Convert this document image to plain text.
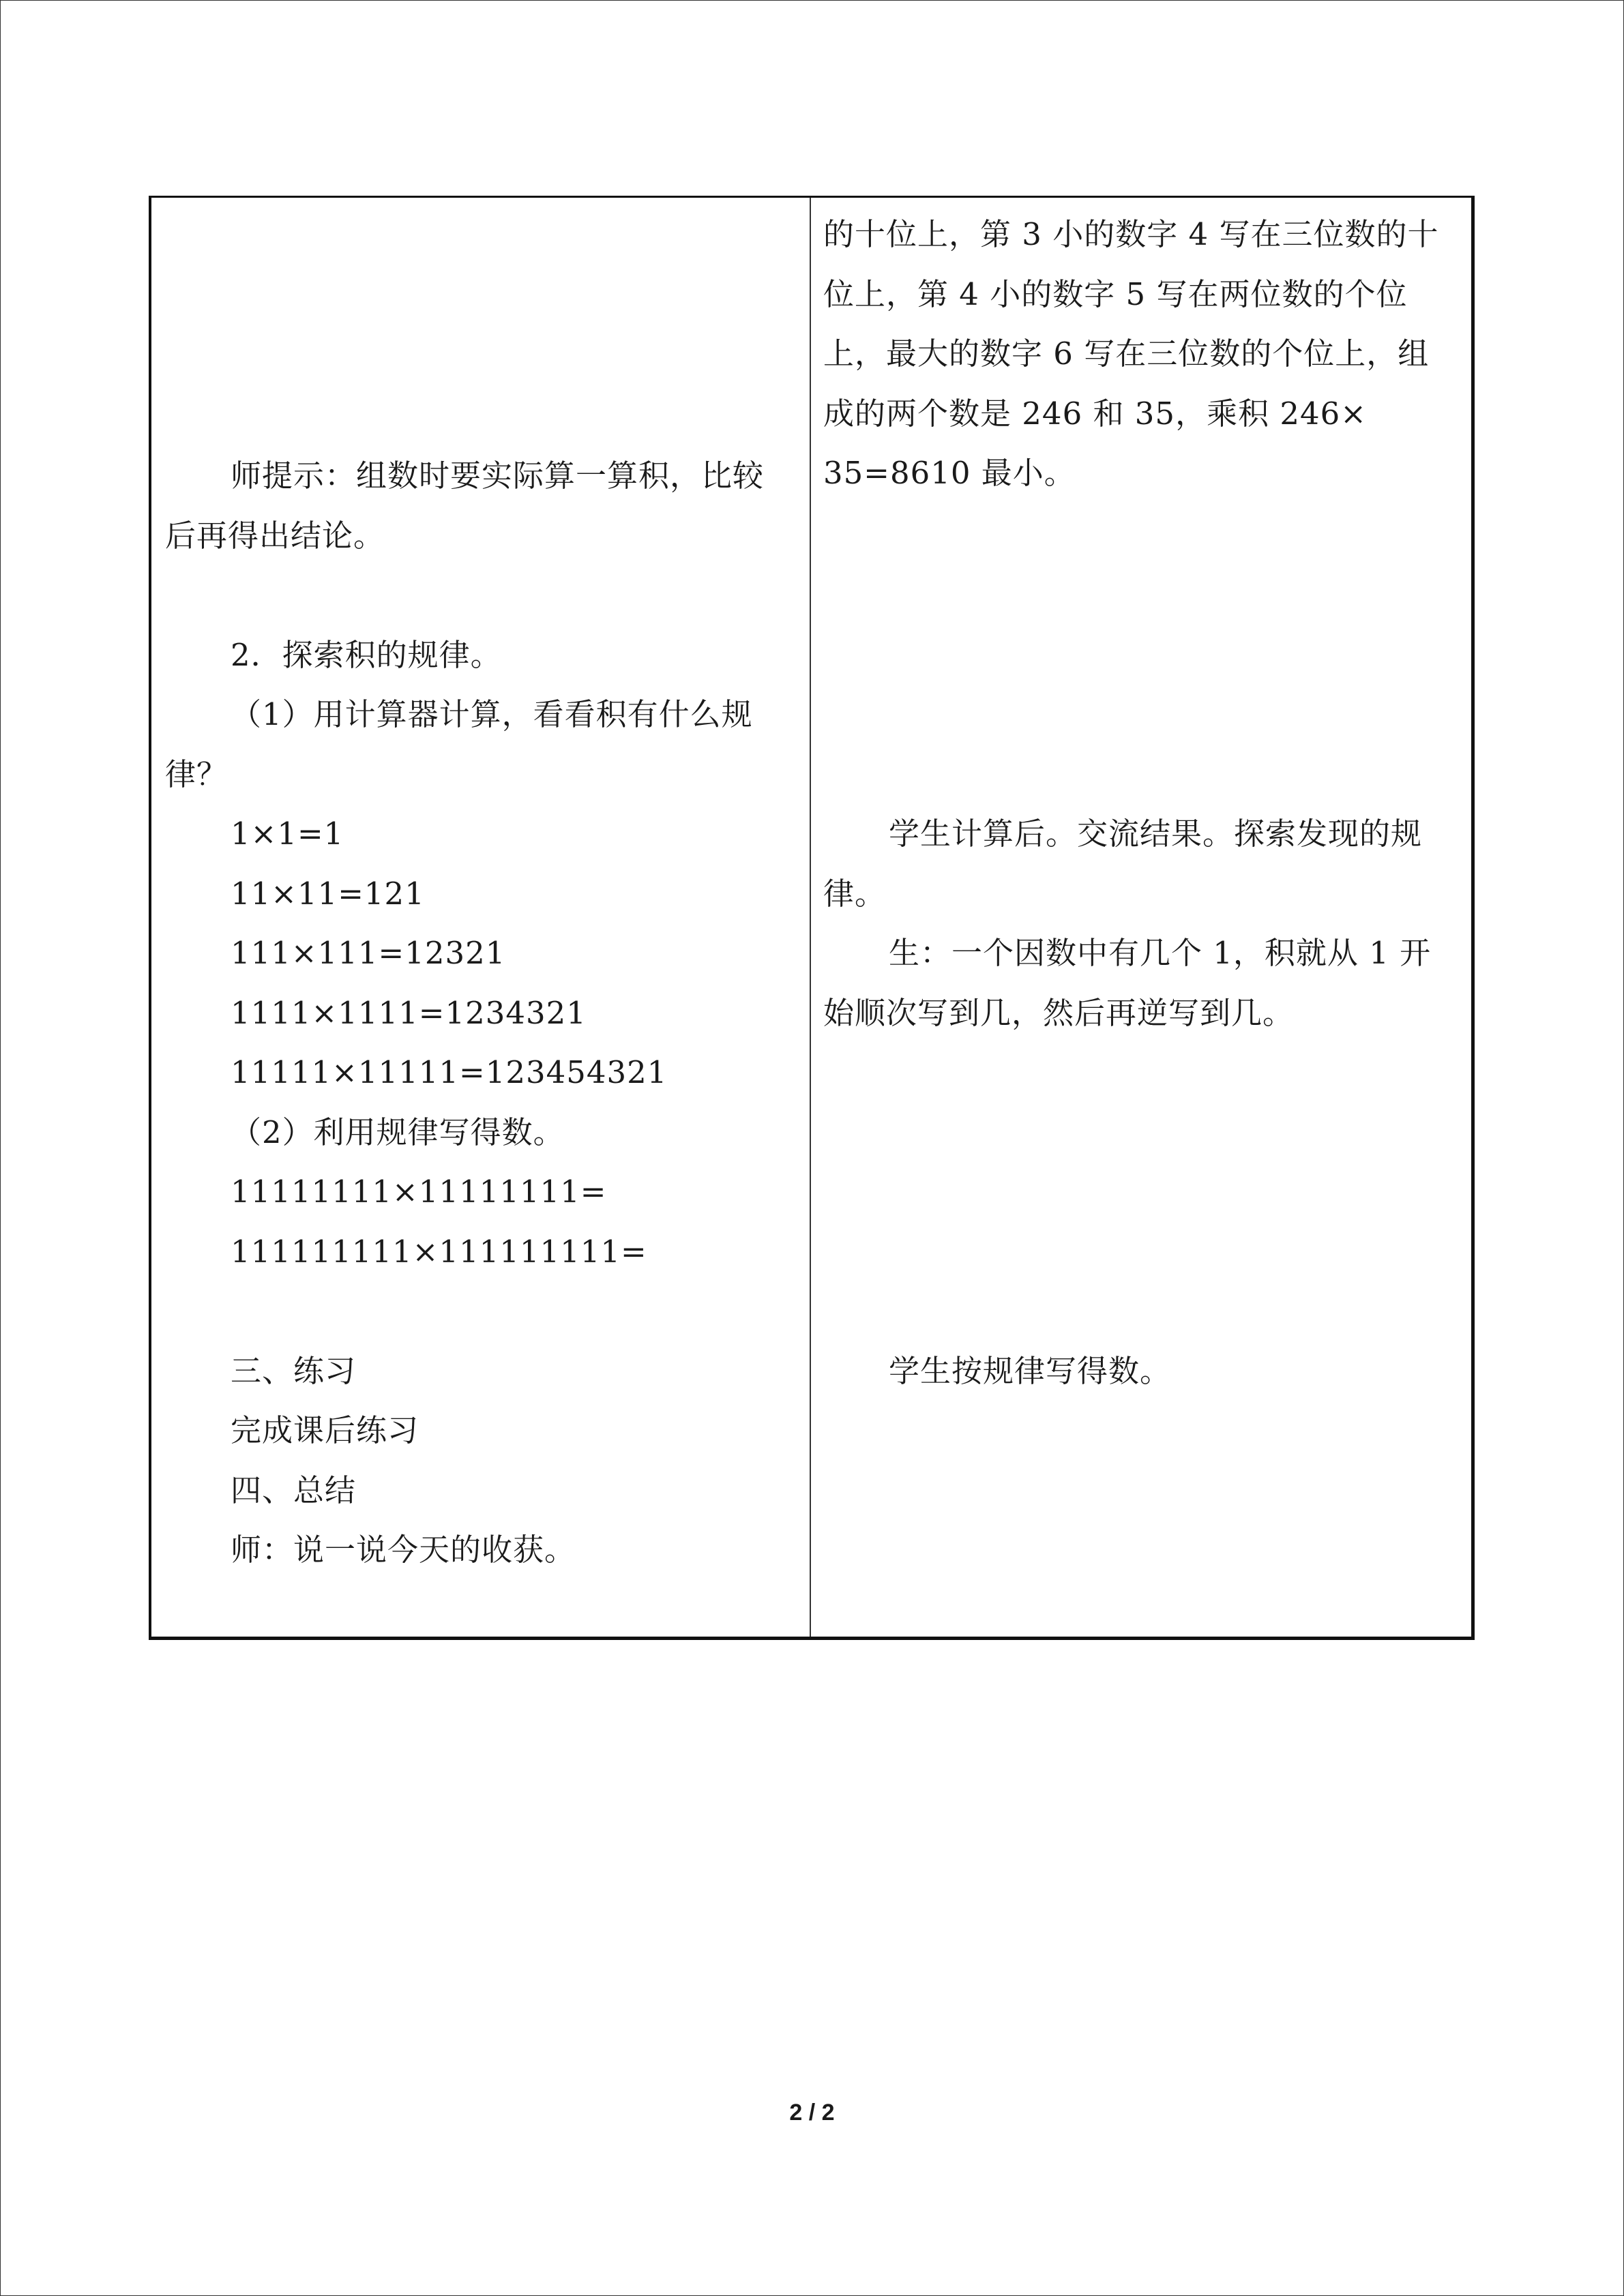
师提示：组数时要实际算一算积，比较
后再得出结论。
2．探索积的规律。
（1）用计算器计算，看看积有什么规
律？
1×1=1
11×11=121
111×111=12321
1111×1111=1234321
11111×11111=123454321
（2）利用规律写得数。
11111111×11111111=
111111111×111111111=
三、练习
完成课后练习
四、总结
师：说一说今天的收获。
的十位上，第 3 小的数字 4 写在三位数的十
位上，第 4 小的数字 5 写在两位数的个位
上，最大的数字 6 写在三位数的个位上，组
成的两个数是 246 和 35，乘积 246×
35=8610 最小。
学生计算后。交流结果。探索发现的规
律。
生：一个因数中有几个 1，积就从 1 开
始顺次写到几，然后再逆写到几。
学生按规律写得数。
2 / 2
